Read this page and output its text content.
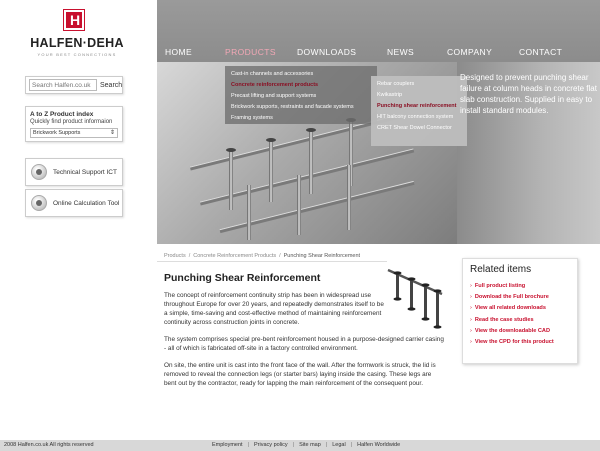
H
HALFEN·DEHA
YOUR BEST CONNECTIONS
Search Halfen.co.uk
Search
A to Z Product index
Quickly find product informaion
Brickwork Supports	⇕
Technical Support ICT
Online Calculation Tool
HOME	PRODUCTS DOWNLOADS	NEWS	COMPANY	CONTACT
Cast-in channels and accessories
Concrete reinforcement products
Precast lifting and support systems
Brickwork supports, restraints and facade systems
Framing systems
Rebar couplers
Kwikastrip
Punching shear reinforcement
HIT balcony connection system
CRET Shear Dowel Connector
Designed to prevent punching shear failure at column heads in concrete flat slab construction. Supplied in easy to install standard modules.
Products / Concrete Reinforcement Products / Punching Shear Reinforcement
Punching Shear Reinforcement
The concept of reinforcement continuity strip has been in widespread use throughout Europe for over 20 years, and repeatedly demonstrates itself to be a simple, time-saving and cost-effective method of maintaining reinforcement continuity across construction joints in concrete.
The system comprises special pre-bent reinforcement housed in a purpose-designed carrier casing - all of which is fabricated off-site in a factory controlled environment.
On site, the entire unit is cast into the front face of the wall. After the formwork is struck, the lid is removed to reveal the connection legs (or starter bars) laying inside the casing. These legs are bent out by the contractor, ready for lapping the main reinforcement of the consequent pour.
Related items
› Full product listing
› Download the Full brochure
› View all related downloads
› Read the case studies
› View the downloadable CAD
› View the CPD for this product
2008 Halfen.co.uk All rights reserved	Employment | Privacy policy | Site map | Legal | Halfen Worldwide
